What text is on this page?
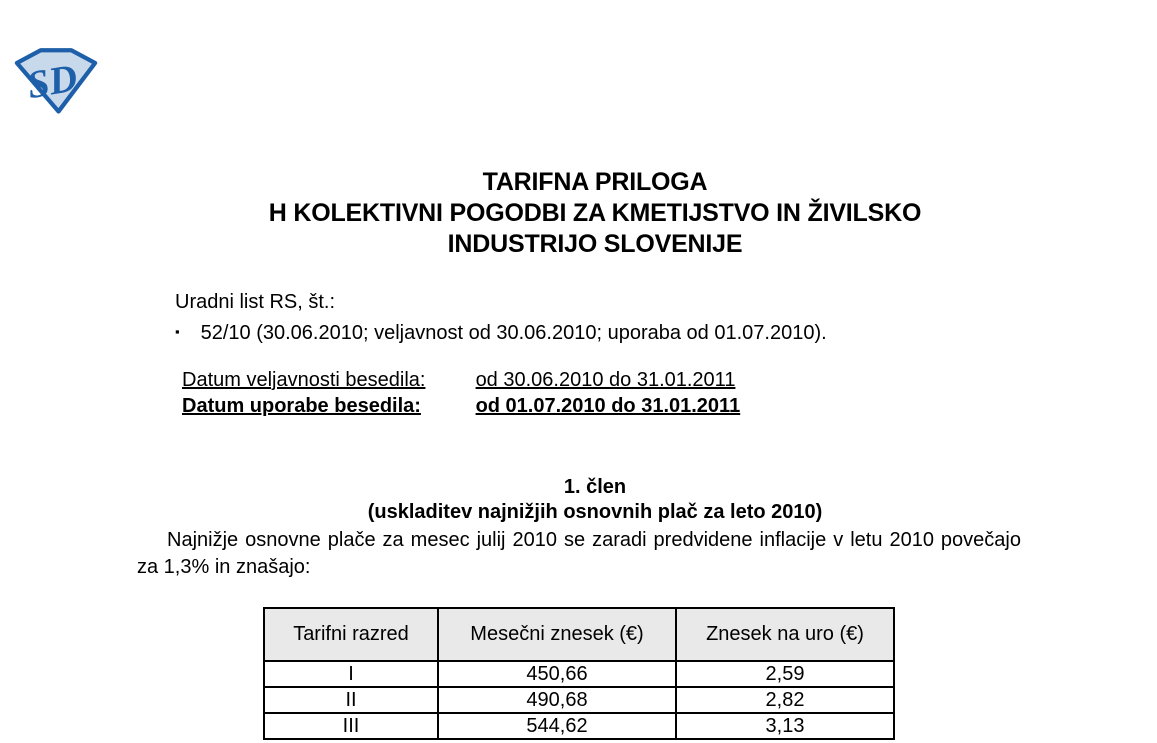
SD
TARIFNA PRILOGA
H KOLEKTIVNI POGODBI ZA KMETIJSTVO IN ŽIVILSKO
INDUSTRIJO SLOVENIJE
Uradni list RS, št.:
▪ 52/10 (30.06.2010; veljavnost od 30.06.2010; uporaba od 01.07.2010).
Datum veljavnosti besedila:	od 30.06.2010 do 31.01.2011
Datum uporabe besedila:	od 01.07.2010 do 31.01.2011
1. člen
(uskladitev najnižjih osnovnih plač za leto 2010)
Najnižje osnovne plače za mesec julij 2010 se zaradi predvidene inflacije v letu 2010 povečajo za 1,3% in znašajo:
Tarifni razred	Mesečni znesek (€)	Znesek na uro (€)
I	450,66	2,59
II	490,68	2,82
III	544,62	3,13
